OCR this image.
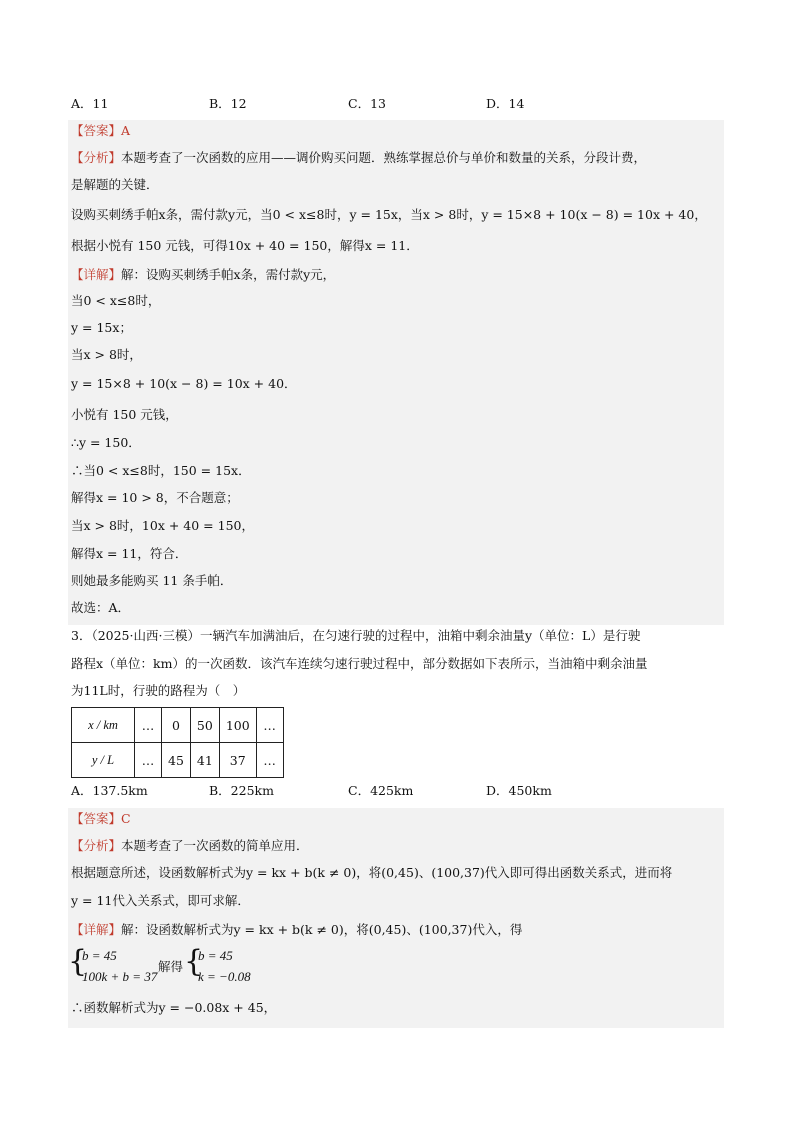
A．11	B．12	C．13	D．14
【答案】A
【分析】本题考查了一次函数的应用——调价购买问题．熟练掌握总价与单价和数量的关系，分段计费，
是解题的关键．
设购买刺绣手帕x条，需付款y元，当0 < x≤8时，y = 15x，当x > 8时，y = 15×8 + 10(x − 8) = 10x + 40，
根据小悦有 150 元钱，可得10x + 40 = 150，解得x = 11．
【详解】解：设购买刺绣手帕x条，需付款y元，
当0 < x≤8时，
y = 15x；
当x > 8时，
y = 15×8 + 10(x − 8) = 10x + 40．
小悦有 150 元钱，
∴y = 150．
∴当0 < x≤8时，150 = 15x．
解得x = 10 > 8，不合题意；
当x > 8时，10x + 40 = 150，
解得x = 11，符合．
则她最多能购买 11 条手帕．
故选：A．
3．（2025·山西·三模）一辆汽车加满油后，在匀速行驶的过程中，油箱中剩余油量y（单位：L）是行驶
路程x（单位：km）的一次函数．该汽车连续匀速行驶过程中，部分数据如下表所示，当油箱中剩余油量
为11L时，行驶的路程为（　）
x / km	…	0	50	100	…
y / L	…	45	41	37	…
A．137.5km	B．225km	C．425km	D．450km
【答案】C
【分析】本题考查了一次函数的简单应用．
根据题意所述，设函数解析式为y = kx + b(k ≠ 0)，将(0,45)、(100,37)代入即可得出函数关系式，进而将
y = 11代入关系式，即可求解．
【详解】解：设函数解析式为y = kx + b(k ≠ 0)，将(0,45)、(100,37)代入，得
{
b = 45
100k + b = 37
解得 {
b = 45
k = −0.08
∴函数解析式为y = −0.08x + 45，
